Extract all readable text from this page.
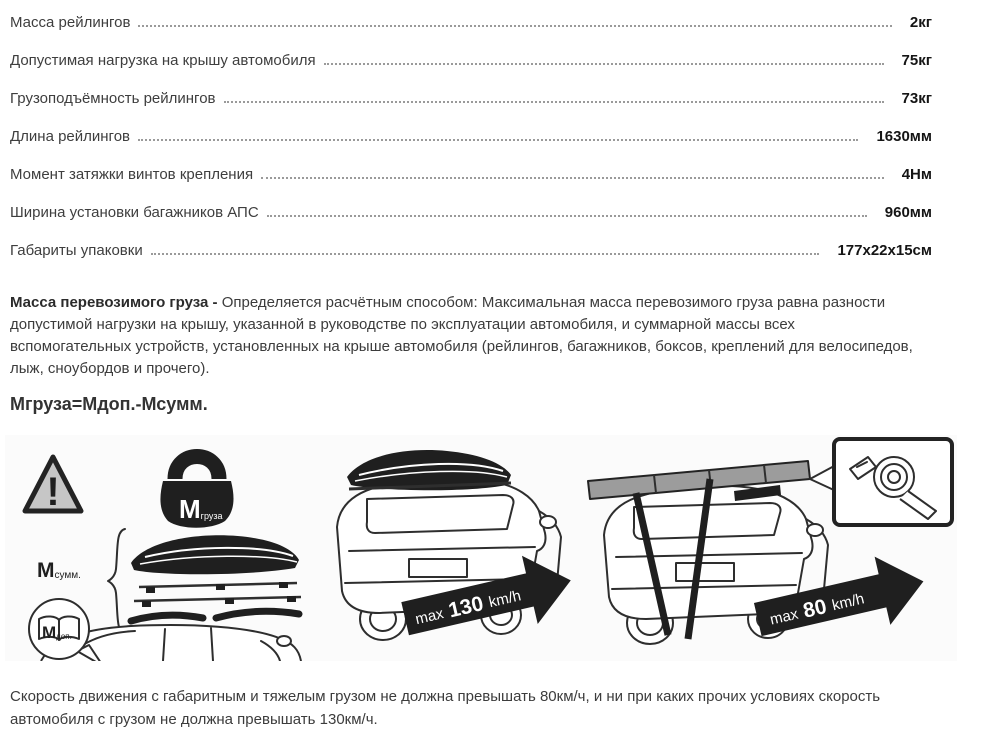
Масса рейлингов	2кг
Допустимая нагрузка на крышу автомобиля	75кг
Грузоподъёмность рейлингов	73кг
Длина рейлингов	1630мм
Момент затяжки винтов крепления	4Нм
Ширина установки багажников АПС	960мм
Габариты упаковки	177х22х15см

Масса перевозимого груза - Определяется расчётным способом: Максимальная масса перевозимого груза равна разности допустимой нагрузки на крышу, указанной в руководстве по эксплуатации автомобиля, и суммарной массы всех вспомогательных устройств, установленных на крыше автомобиля (рейлингов, багажников, боксов, креплений для велосипедов, лыж, сноубордов и прочего).

Мгруза=Мдоп.-Мсумм.
!	Mгруза
Mсумм.
Mдоп.
max130 km/h
max80 km/h

Скорость движения с габаритным и тяжелым грузом не должна превышать 80км/ч, и ни при каких прочих условиях скорость автомобиля с грузом не должна превышать 130км/ч.
